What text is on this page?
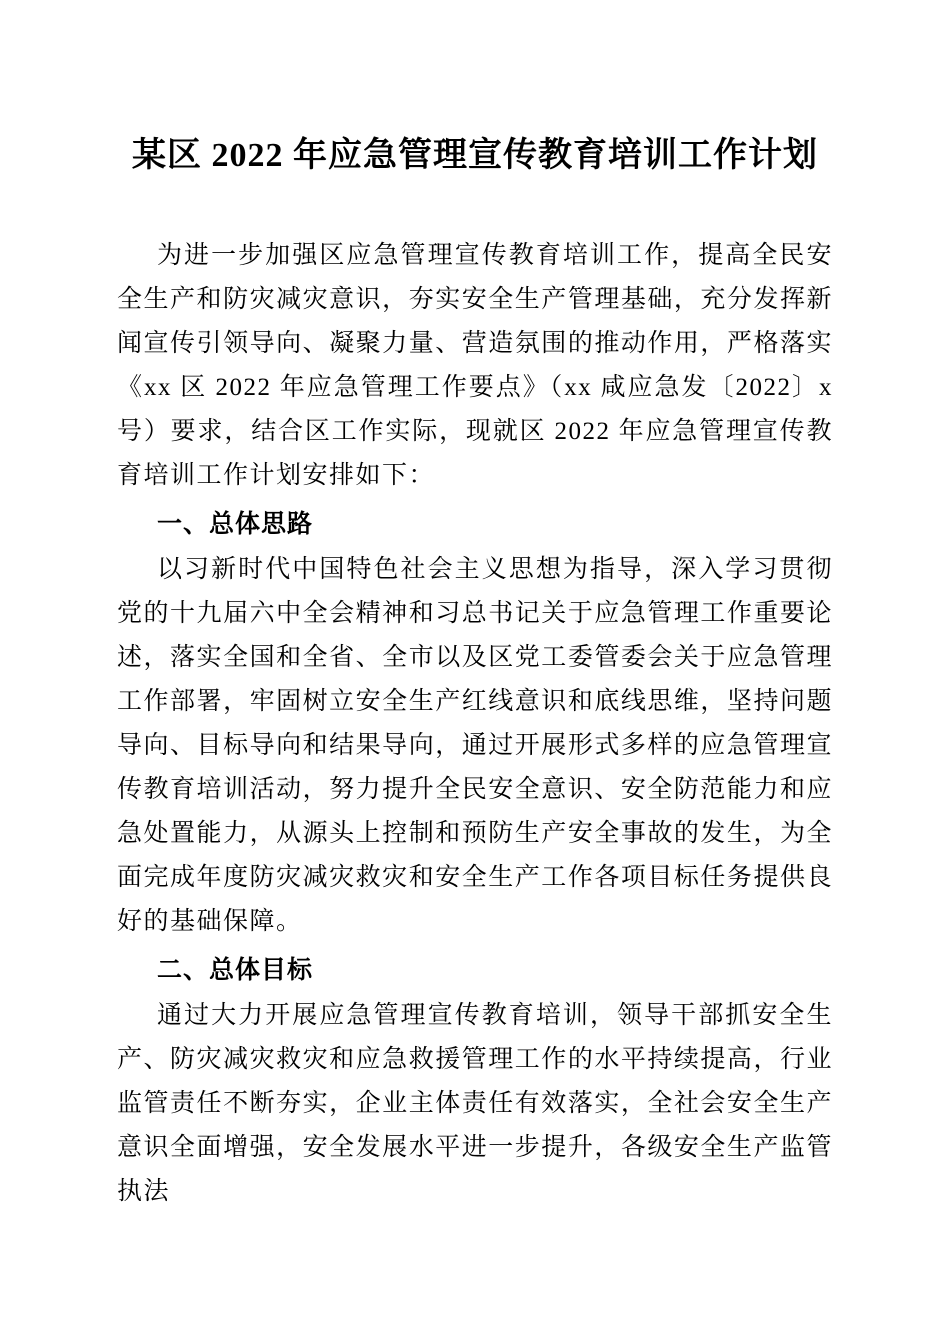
某区 2022 年应急管理宣传教育培训工作计划

为进一步加强区应急管理宣传教育培训工作，提高全民安全生产和防灾减灾意识，夯实安全生产管理基础，充分发挥新闻宣传引领导向、凝聚力量、营造氛围的推动作用，严格落实《xx 区 2022 年应急管理工作要点》（xx 咸应急发〔2022〕x 号）要求，结合区工作实际，现就区 2022 年应急管理宣传教育培训工作计划安排如下：

一、总体思路

以习新时代中国特色社会主义思想为指导，深入学习贯彻党的十九届六中全会精神和习总书记关于应急管理工作重要论述，落实全国和全省、全市以及区党工委管委会关于应急管理工作部署，牢固树立安全生产红线意识和底线思维，坚持问题导向、目标导向和结果导向，通过开展形式多样的应急管理宣传教育培训活动，努力提升全民安全意识、安全防范能力和应急处置能力，从源头上控制和预防生产安全事故的发生，为全面完成年度防灾减灾救灾和安全生产工作各项目标任务提供良好的基础保障。

二、总体目标

通过大力开展应急管理宣传教育培训，领导干部抓安全生产、防灾减灾救灾和应急救援管理工作的水平持续提高，行业监管责任不断夯实，企业主体责任有效落实，全社会安全生产意识全面增强，安全发展水平进一步提升，各级安全生产监管执法
